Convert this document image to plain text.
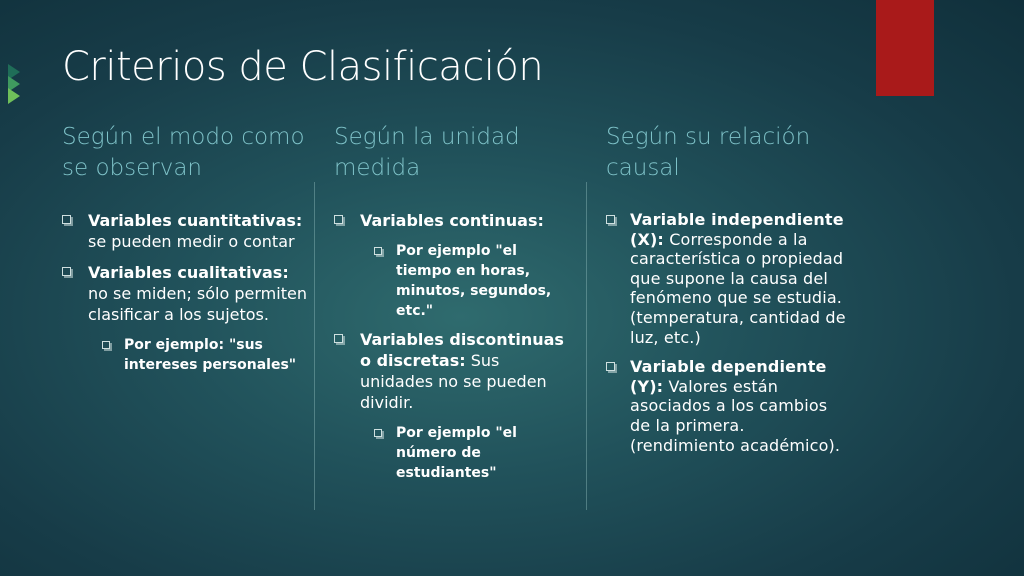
Criterios de Clasificación
Según el modo como se observan
Variables cuantitativas: se pueden medir o contar
Variables cualitativas: no se miden; sólo permiten clasificar a los sujetos.
Por ejemplo: "sus intereses personales"
Según la unidad medida
Variables continuas:
Por ejemplo "el tiempo en horas, minutos, segundos, etc."
Variables discontinuas o discretas: Sus unidades no se pueden dividir.
Por ejemplo "el número de estudiantes"
Según su relación causal
Variable independiente (X): Corresponde a la característica o propiedad que supone la causa del fenómeno que se estudia. (temperatura, cantidad de luz, etc.)
Variable dependiente (Y): Valores están asociados a los cambios de la primera. (rendimiento académico).
